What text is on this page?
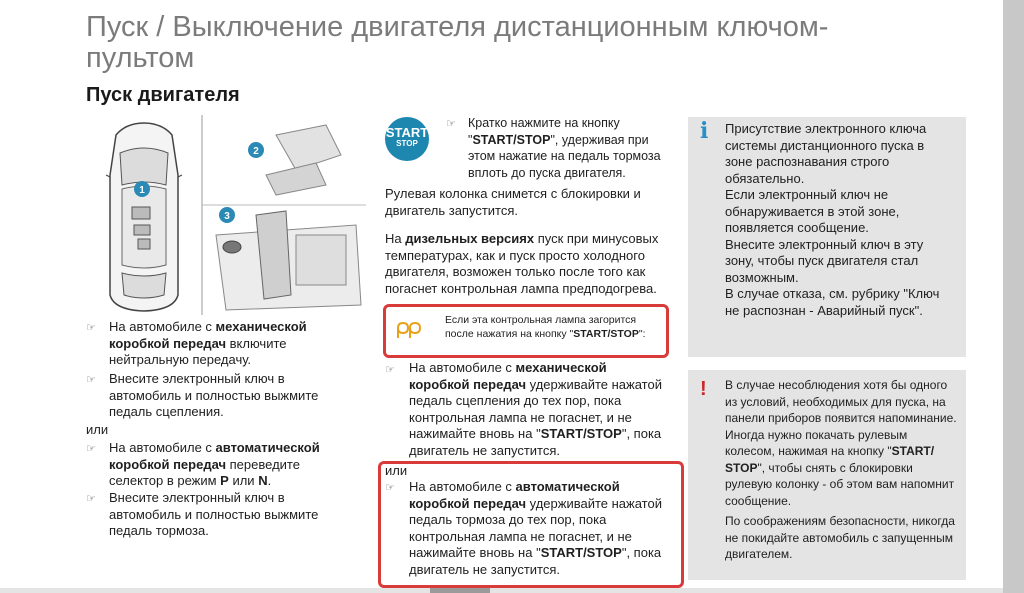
Пуск / Выключение двигателя дистанционным ключом-пультом
Пуск двигателя
1
2
3
☞ На автомобиле с механической коробкой передач включите нейтральную передачу.
☞ Внесите электронный ключ в автомобиль и полностью выжмите педаль сцепления.
или
☞ На автомобиле с автоматической коробкой передач переведите селектор в режим P или N.
☞ Внесите электронный ключ в автомобиль и полностью выжмите педаль тормоза.
START
STOP
☞ Кратко нажмите на кнопку "START/STOP", удерживая при этом нажатие на педаль тормоза вплоть до пуска двигателя.
Рулевая колонка снимется с блокировки и двигатель запустится.
На дизельных версиях пуск при минусовых температурах, как и пуск просто холодного двигателя, возможен только после того как погаснет контрольная лампа предподогрева.
Если эта контрольная лампа загорится после нажатия на кнопку "START/STOP":
☞ На автомобиле с механической коробкой передач удерживайте нажатой педаль сцепления до тех пор, пока контрольная лампа не погаснет, и не нажимайте вновь на "START/STOP", пока двигатель не запустится.
или
☞ На автомобиле с автоматической коробкой передач удерживайте нажатой педаль тормоза до тех пор, пока контрольная лампа не погаснет, и не нажимайте вновь на "START/STOP", пока двигатель не запустится.
i Присутствие электронного ключа системы дистанционного пуска в зоне распознавания строго обязательно.
Если электронный ключ не обнаруживается в этой зоне, появляется сообщение.
Внесите электронный ключ в эту зону, чтобы пуск двигателя стал возможным.
В случае отказа, см. рубрику "Ключ не распознан - Аварийный пуск".
! В случае несоблюдения хотя бы одного из условий, необходимых для пуска, на панели приборов появится напоминание.
Иногда нужно покачать рулевым колесом, нажимая на кнопку "START/ STOP", чтобы снять с блокировки рулевую колонку - об этом вам напомнит сообщение.
По соображениям безопасности, никогда не покидайте автомобиль с запущенным двигателем.
